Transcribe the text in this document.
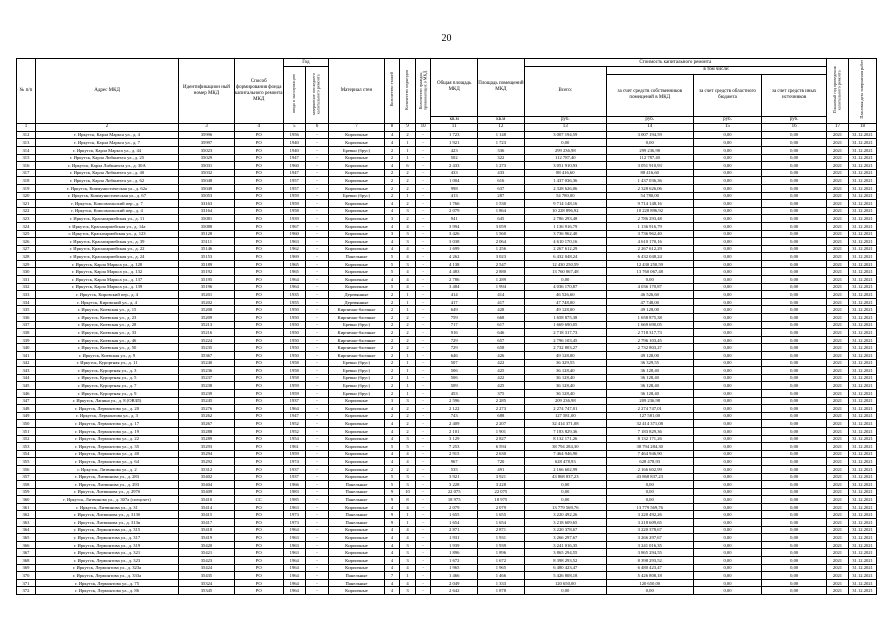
20
№ п/п	Адрес МКД	Идентификацион ный номер МКД	Способ формирования фонда капитального ремонта МКД	Год		Материал стен	Количество этажей	Количество подъездов	Количество граждан, проживающих в МКД	Общая площадь МКД	Площадь помещений МКД	Стоимость капитального ремонта				Плановый год проведения капитального ремонта	Плановая дата завершения работ
				ввода в эксплуатацию	завершение последнего капитального ремонта							Всего:	в том числе:				
													за счет средств собственников помещений в МКД	за счет средств областного бюджета	за счет средств иных источников		
										кв.м	кв.м	руб.	руб.	руб.	руб.		
1	2	3	4	5	6	7	8	9	10	11	12	13	14	15	16	17	18
312	г. Иркутск, Карла Маркса ул., д. 4	35996	РО	1956	-	Кирпичные	4	2	-	1 723	1 148	3 007 194,59	3 007 194,59	0,00	0,00	2021	31.12.2021
313	г. Иркутск, Карла Маркса ул., д. 7	35997	РО	1940	-	Кирпичные	4	1	-	1 921	1 723	0,00	0,00	0,00	0,00	2021	31.12.2021
314	г. Иркутск, Карла Маркса ул., д. 44	35023	РО	1940	-	Бревно (брус)	2	1	-	423	336	299 236,98	299 236,98	0,00	0,00	2021	31.12.2021
315	г. Иркутск, Карла Либкнехта ул., д. 25	35029	РО	1947	-	Кирпичные	2	1	-	502	322	112 787,40	112 787,40	0,00	0,00	2021	31.12.2021
316	г. Иркутск, Карла Либкнехта ул., д. 30А	35031	РО	1960	-	Кирпичные	4	6	-	2 433	1 273	3 051 910,93	3 051 910,93	0,00	0,00	2021	31.12.2021
317	г. Иркутск, Карла Либкнехта ул., д. 40	35032	РО	1947	-	Кирпичные	2	2	-	433	433	88 416,60	88 416,60	0,00	0,00	2021	31.12.2021
318	г. Иркутск, Карла Либкнехта ул., д. 62	35048	РО	1957	-	Кирпичные	2	2	-	1 004	616	1 437 036,36	1 437 036,36	0,00	0,00	2021	31.12.2021
319	г. Иркутск, Коммунистическая ул., д. 62а	35049	РО	1957	-	Кирпичные	2	2	-	998	637	2 328 626,06	2 328 626,06	0,00	0,00	2021	31.12.2021
320	г. Иркутск, Коммунистическая ул., д. 67	35053	РО	1959	-	Бревно (брус)	2	1	-	413	287	54 780,00	54 780,00	0,00	0,00	2021	31.12.2021
321	г. Иркутск, Комсомольский пер., д. 7	33163	РО	1959	-	Кирпичные	4	2	-	1 766	1 530	9 714 148,16	9 714 148,16	0,00	0,00	2021	31.12.2021
322	г. Иркутск, Комсомольский пер., д. 4	33164	РО	1958	-	Кирпичные	4	3	-	2 079	1 864	10 228 896,92	10 228 896,92	0,00	0,00	2021	31.12.2021
323	г. Иркутск, Красноармейская ул., д. 11	35081	РО	1939	-	Кирпичные	3	2	-	941	645	2 786 293,48	2 786 293,48	0,00	0,00	2021	31.12.2021
324	г. Иркутск, Красноармейская ул., д. 14а	35088	РО	1967	-	Кирпичные	4	4	-	3 994	3 059	1 136 916,79	1 136 916,79	0,00	0,00	2021	31.12.2021
325	г. Иркутск, Красноармейская ул., д. 123	35128	РО	1960	-	Кирпичные	3	3	-	3 426	1 560	3 736 962,40	3 736 962,40	0,00	0,00	2021	31.12.2021
326	г. Иркутск, Красноармейская ул., д. 39	35111	РО	1963	-	Кирпичные	4	3	-	3 038	2 064	4 610 170,16	4 610 170,16	0,00	0,00	2021	31.12.2021
327	г. Иркутск, Красноармейская ул., д. 22	35146	РО	1962	-	Кирпичные	4	4	-	1 699	1 256	2 267 612,29	2 267 612,29	0,00	0,00	2021	31.12.2021
328	г. Иркутск, Красноармейская ул., д. 24	35153	РО	1969	-	Панельные	5	4	-	4 262	3 023	6 432 048,24	6 432 048,24	0,00	0,00	2021	31.12.2021
329	г. Иркутск, Карла Маркса ул., д. 128	35189	РО	1965	-	Кирпичные	5	3	-	4 138	2 547	12 430 250,59	12 430 250,59	0,00	0,00	2021	31.12.2021
330	г. Иркутск, Карла Маркса ул., д. 132	35192	РО	1965	-	Кирпичные	5	4	-	4 483	2 880	13 760 067,48	13 760 067,48	0,00	0,00	2021	31.12.2021
331	г. Иркутск, Карла Маркса ул., д. 137	35195	РО	1964	-	Кирпичные	4	4	-	2 786	1 289	0,00	0,00	0,00	0,00	2021	31.12.2021
332	г. Иркутск, Карла Маркса ул., д. 139	35196	РО	1964	-	Кирпичные	5	4	-	3 484	1 994	4 036 170,87	4 036 170,87	0,00	0,00	2021	31.12.2021
333	г. Иркутск, Кировский пер., д. 4	35201	РО	1935	-	Деревянные	2	1	-	414	414	46 526,60	46 526,60	0,00	0,00	2021	31.12.2021
334	г. Иркутск, Кировский ул., д. 4	35202	РО	1955	-	Деревянные	2	1	-	417	417	47 748,00	47 748,00	0,00	0,00	2021	31.12.2021
335	г. Иркутск, Киевская ул., д. 15	35208	РО	1950	-	Кирпично-блочные	2	1	-	649	428	49 128,00	49 128,00	0,00	0,00	2021	31.12.2021
336	г. Иркутск, Киевская ул., д. 23	35209	РО	1950	-	Кирпично-блочные	2	2	-	759	668	1 658 875,38	1 658 875,38	0,00	0,00	2021	31.12.2021
337	г. Иркутск, Киевская ул., д. 28	35213	РО	1950	-	Бревно (брус)	2	2	-	717	617	1 669 690,05	1 669 690,05	0,00	0,00	2021	31.12.2021
338	г. Иркутск, Киевская ул., д. 33	35216	РО	1950	-	Кирпично-блочные	2	2	-	916	646	2 718 317,73	2 718 317,73	0,00	0,00	2021	31.12.2021
339	г. Иркутск, Киевская ул., д. 46	35224	РО	1950	-	Кирпично-блочные	2	2	-	729	657	2 796 103,45	2 796 103,45	0,00	0,00	2021	31.12.2021
340	г. Иркутск, Киевская ул., д. 50	35235	РО	1950	-	Кирпично-блочные	2	2	-	729	658	2 732 803,27	2 732 803,27	0,00	0,00	2021	31.12.2021
341	г. Иркутск, Киевская ул., д. 9	35367	РО	1950	-	Кирпично-блочные	2	1	-	646	426	49 128,00	49 128,00	0,00	0,00	2021	31.12.2021
342	г. Иркутск, Курортная ул., д. 11	35240	РО	1958	-	Бревно (брус)	2	1	-	507	422	36 329,55	36 329,55	0,00	0,00	2021	31.12.2021
343	г. Иркутск, Курортная ул., д. 3	35236	РО	1958	-	Бревно (брус)	2	1	-	506	425	36 128,40	36 128,40	0,00	0,00	2021	31.12.2021
344	г. Иркутск, Курортная ул., д. 5	35237	РО	1958	-	Бревно (брус)	2	1	-	506	422	36 128,40	36 128,40	0,00	0,00	2021	31.12.2021
345	г. Иркутск, Курортная ул., д. 7	35238	РО	1959	-	Бревно (брус)	2	1	-	509	425	36 128,40	36 128,40	0,00	0,00	2021	31.12.2021
346	г. Иркутск, Курортная ул., д. 9	35239	РО	1959	-	Бревно (брус)	2	1	-	453	375	36 128,40	36 128,40	0,00	0,00	2021	31.12.2021
347	г. Иркутск, Лапина ул., д. 8 (ОВЗЛ)	35245	РО	1937	-	Кирпичные	3	3	-	2 596	2 285	209 236,98	209 236,98	0,00	0,00	2021	31.12.2021
348	г. Иркутск, Лермонтова ул., д. 20	35276	РО	1964	-	Кирпичные	4	2	-	2 122	2 273	2 274 747,01	2 274 747,01	0,00	0,00	2021	31.12.2021
349	г. Иркутск, Лермонтова ул., д. 3	35262	РО	1947	-	Кирпичные	2	2	-	743	688	127 581,00	127 581,00	0,00	0,00	2021	31.12.2021
350	г. Иркутск, Лермонтова ул., д. 17	35267	РО	1952	-	Кирпичные	4	2	-	2 409	2 207	32 414 371,08	32 414 371,08	0,00	0,00	2021	31.12.2021
351	г. Иркутск, Лермонтова ул., д. 19	35288	РО	1952	-	Кирпичные	4	2	-	2 101	1 901	7 183 829,36	7 183 829,36	0,00	0,00	2021	31.12.2021
352	г. Иркутск, Лермонтова ул., д. 22	35289	РО	1954	-	Кирпичные	4	3	-	3 129	2 827	8 132 171,26	8 132 171,26	0,00	0,00	2021	31.12.2021
353	г. Иркутск, Лермонтова ул., д. 35	35293	РО	1961	-	Кирпичные	5	5	-	7 253	6 594	38 794 284,30	38 794 284,30	0,00	0,00	2021	31.12.2021
354	г. Иркутск, Лермонтова ул., д. 40	35294	РО	1959	-	Кирпичные	4	4	-	2 915	2 630	7 464 946,90	7 464 946,90	0,00	0,00	2021	31.12.2021
355	г. Иркутск, Лермонтова ул., д. 64	35292	РО	1974	-	Кирпичные	4	4	-	967	720	628 478,93	628 478,93	0,00	0,00	2021	31.12.2021
356	г. Иркутск, Литвинова ул., д. 2	35312	РО	1937	-	Кирпичные	2	2	-	535	491	2 166 602,99	2 166 602,99	0,00	0,00	2021	31.12.2021
357	г. Иркутск, Литвинова ул., д. 283	35402	РО	1937	-	Кирпичные	5	3	-	3 921	3 921	43 868 837,23	43 868 837,23	0,00	0,00	2021	31.12.2021
358	г. Иркутск, Литвинова ул., д. 293	35404	РО	1966	-	Панельные	5	3	-	3 228	3 228	0,00	0,00	0,00	0,00	2021	31.12.2021
359	г. Иркутск, Литвинова ул., д. 297б	35409	РО	1983	-	Панельные	9	10	-	22 075	22 075	0,00	0,00	0,00	0,00	2021	31.12.2021
360	г. Иркутск, Литвинова ул., д. 307а (спецсчет)	35410	СС	1985	-	Панельные	9	8	-	18 975	18 975	0,00	0,00	0,00	0,00	2021	31.12.2021
361	г. Иркутск, Литвинова ул., д. 31	35414	РО	1963	-	Кирпичные	4	4	-	2 079	2 079	13 779 569,76	13 779 569,76	0,00	0,00	2021	31.12.2021
362	г. Иркутск, Литвинова ул., д. 313б	35415	РО	1973	-	Панельные	9	1	-	1 655	1 655	3 220 492,26	3 220 492,26	0,00	0,00	2021	31.12.2021
363	г. Иркутск, Литвинова ул., д. 313в	35417	РО	1973	-	Панельные	9	1	-	1 654	1 654	3 218 609,65	3 218 609,65	0,00	0,00	2021	31.12.2021
364	г. Иркутск, Лермонтова ул., д. 315	35418	РО	1964	-	Кирпичные	4	4	-	2 871	2 871	3 220 378,67	3 220 378,67	0,00	0,00	2021	31.12.2021
365	г. Иркутск, Лермонтова ул., д. 317	35419	РО	1963	-	Кирпичные	4	4	-	1 931	1 931	3 266 297,67	3 266 297,67	0,00	0,00	2021	31.12.2021
366	г. Иркутск, Лермонтова ул., д. 319	35420	РО	1963	-	Кирпичные	4	3	-	1 939	1 939	3 241 016,35	3 241 016,35	0,00	0,00	2021	31.12.2021
367	г. Иркутск, Лермонтова ул., д. 321	35421	РО	1963	-	Кирпичные	4	3	-	1 896	1 896	3 865 294,55	3 865 294,55	0,00	0,00	2021	31.12.2021
368	г. Иркутск, Лермонтова ул., д. 323	35423	РО	1964	-	Кирпичные	4	3	-	1 672	1 672	8 398 293,52	8 398 293,52	0,00	0,00	2021	31.12.2021
369	г. Иркутск, Лермонтова ул., д. 323а	35424	РО	1964	-	Кирпичные	4	4	-	1 965	1 965	6 480 423,47	6 480 423,47	0,00	0,00	2021	31.12.2021
370	г. Иркутск, Лермонтова ул., д. 333а	35435	РО	1964	-	Панельные	7	1	-	1 466	1 466	5 426 808,18	5 426 808,18	0,00	0,00	2021	31.12.2021
371	г. Иркутск, Лермонтова ул., д. 75	35324	РО	1964	-	Панельные	4	4	-	2 049	1 333	120 650,00	120 650,00	0,00	0,00	2021	31.12.2021
372	г. Иркутск, Лермонтова ул., д. 86	35345	РО	1964	-	Кирпичные	4	3	-	2 642	1 878	0,00	0,00	0,00	0,00	2021	31.12.2021
